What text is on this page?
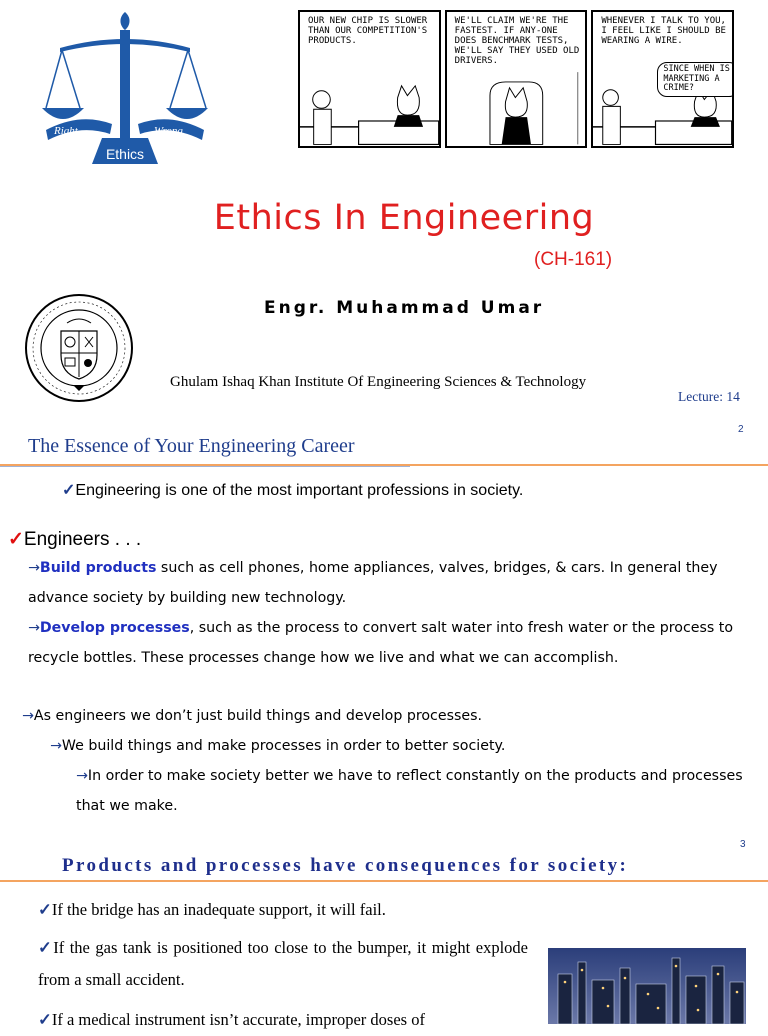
Right	Wrong
Ethics
OUR NEW CHIP IS SLOWER THAN OUR COMPETITION'S PRODUCTS.
WE'LL CLAIM WE'RE THE FASTEST. IF ANY-ONE DOES BENCHMARK TESTS, WE'LL SAY THEY USED OLD DRIVERS.
WHENEVER I TALK TO YOU, I FEEL LIKE I SHOULD BE WEARING A WIRE.
SINCE WHEN IS MARKETING A CRIME?
Ethics In Engineering
(CH-161)
Engr. Muhammad Umar
Ghulam Ishaq Khan Institute Of Engineering Sciences & Technology
Lecture: 14
2
The Essence of Your Engineering Career
✓Engineering is one of the most important professions in society.
✓Engineers . . .
→Build products such as cell phones, home appliances, valves, bridges, & cars. In general they advance society by building new technology.
→Develop processes, such as the process to convert salt water into fresh water or the process to recycle bottles. These processes change how we live and what we can accomplish.
→As engineers we don’t just build things and develop processes.
→We build things and make processes in order to better society.
→In order to make society better we have to reflect constantly on the products and processes that we make.
3
Products and processes have consequences for society:
✓If the bridge has an inadequate support, it will fail.
✓If the gas tank is positioned too close to the bumper, it might explode from a small accident.
✓If a medical instrument isn’t accurate, improper doses of
